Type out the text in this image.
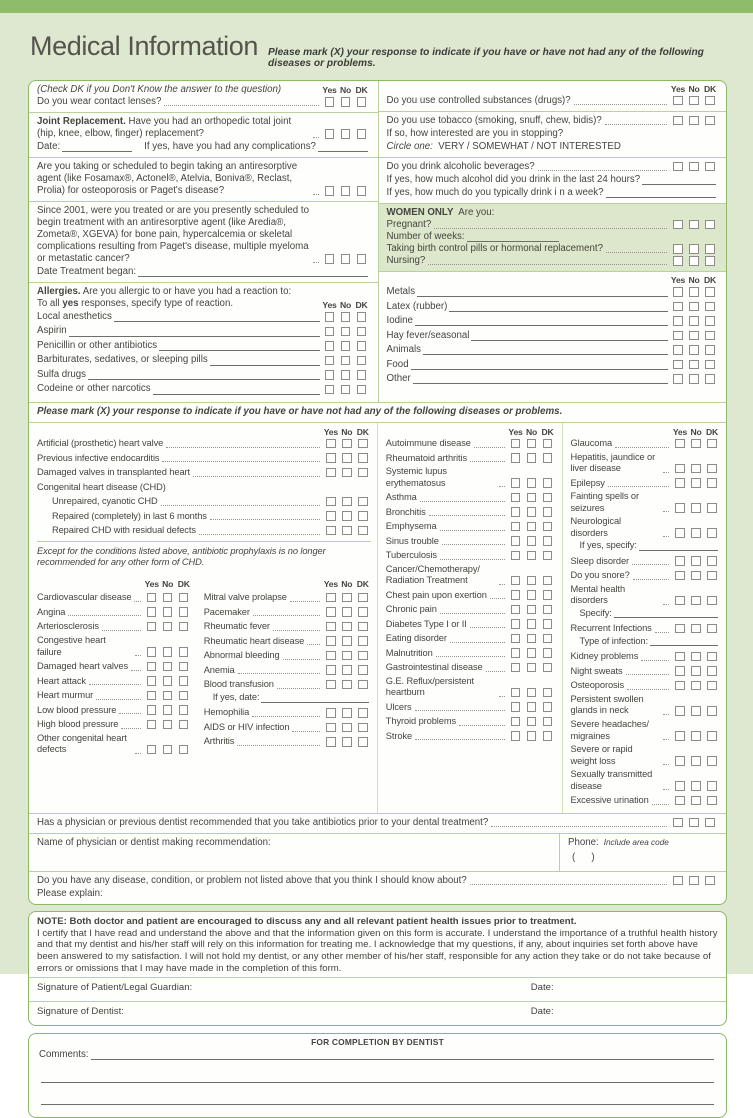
Medical Information Please mark (X) your response to indicate if you have or have not had any of the following diseases or problems.
(Check DK if you Don't Know the answer to the question)	Yes No DK
Do you wear contact lenses?
Joint Replacement. Have you had an orthopedic total joint (hip, knee, elbow, finger) replacement?
Date:	If yes, have you had any complications?
Are you taking or scheduled to begin taking an antiresorptive agent (like Fosamax®, Actonel®, Atelvia, Boniva®, Reclast, Prolia) for osteoporosis or Paget's disease?
Since 2001, were you treated or are you presently scheduled to begin treatment with an antiresorptive agent (like Aredia®, Zometa®, XGEVA) for bone pain, hypercalcemia or skeletal complications resulting from Paget's disease, multiple myeloma or metastatic cancer?
Date Treatment began:
Allergies. Are you allergic to or have you had a reaction to:
To all yes responses, specify type of reaction.	Yes No DK
Local anesthetics
Aspirin
Penicillin or other antibiotics
Barbiturates, sedatives, or sleeping pills
Sulfa drugs
Codeine or other narcotics
Yes No DK
Do you use controlled substances (drugs)?
Do you use tobacco (smoking, snuff, chew, bidis)?
If so, how interested are you in stopping?
Circle one:  VERY / SOMEWHAT / NOT INTERESTED
Do you drink alcoholic beverages?
If yes, how much alcohol did you drink in the last 24 hours?
If yes, how much do you typically drink i n a week?
WOMEN ONLY  Are you:
Pregnant?
Number of weeks:
Taking birth control pills or hormonal replacement?
Nursing?
Yes No DK
Metals
Latex (rubber)
Iodine
Hay fever/seasonal
Animals
Food
Other
Please mark (X) your response to indicate if you have or have not had any of the following diseases or problems.
Yes No DK
Artificial (prosthetic) heart valve
Previous infective endocarditis
Damaged valves in transplanted heart
Congenital heart disease (CHD)
Unrepaired, cyanotic CHD
Repaired (completely) in last 6 months
Repaired CHD with residual defects
Except for the conditions listed above, antibiotic prophylaxis is no longer recommended for any other form of CHD.
Yes No DK
Cardiovascular disease
Angina
Arteriosclerosis
Congestive heart failure
Damaged heart valves
Heart attack
Heart murmur
Low blood pressure
High blood pressure
Other congenital heart defects
Yes No DK
Mitral valve prolapse
Pacemaker
Rheumatic fever
Rheumatic heart disease
Abnormal bleeding
Anemia
Blood transfusion
If yes, date:
Hemophilia
AIDS or HIV infection
Arthritis
Yes No DK
Autoimmune disease
Rheumatoid arthritis
Systemic lupus erythematosus
Asthma
Bronchitis
Emphysema
Sinus trouble
Tuberculosis
Cancer/Chemotherapy/ Radiation Treatment
Chest pain upon exertion
Chronic pain
Diabetes Type I or II
Eating disorder
Malnutrition
Gastrointestinal disease
G.E. Reflux/persistent heartburn
Ulcers
Thyroid problems
Stroke
Yes No DK
Glaucoma
Hepatitis, jaundice or liver disease
Epilepsy
Fainting spells or seizures
Neurological disorders
If yes, specify:
Sleep disorder
Do you snore?
Mental health disorders
Specify:
Recurrent Infections
Type of infection:
Kidney problems
Night sweats
Osteoporosis
Persistent swollen glands in neck
Severe headaches/ migraines
Severe or rapid weight loss
Sexually transmitted disease
Excessive urination
Has a physician or previous dentist recommended that you take antibiotics prior to your dental treatment?
Name of physician or dentist making recommendation:	Phone: Include area code
(      )
Do you have any disease, condition, or problem not listed above that you think I should know about?
Please explain:
NOTE: Both doctor and patient are encouraged to discuss any and all relevant patient health issues prior to treatment.
I certify that I have read and understand the above and that the information given on this form is accurate. I understand the importance of a truthful health history and that my dentist and his/her staff will rely on this information for treating me. I acknowledge that my questions, if any, about inquiries set forth above have been answered to my satisfaction. I will not hold my dentist, or any other member of his/her staff, responsible for any action they take or do not take because of errors or omissions that I may have made in the completion of this form.
Signature of Patient/Legal Guardian:	Date:
Signature of Dentist:	Date:
FOR COMPLETION BY DENTIST
Comments:
